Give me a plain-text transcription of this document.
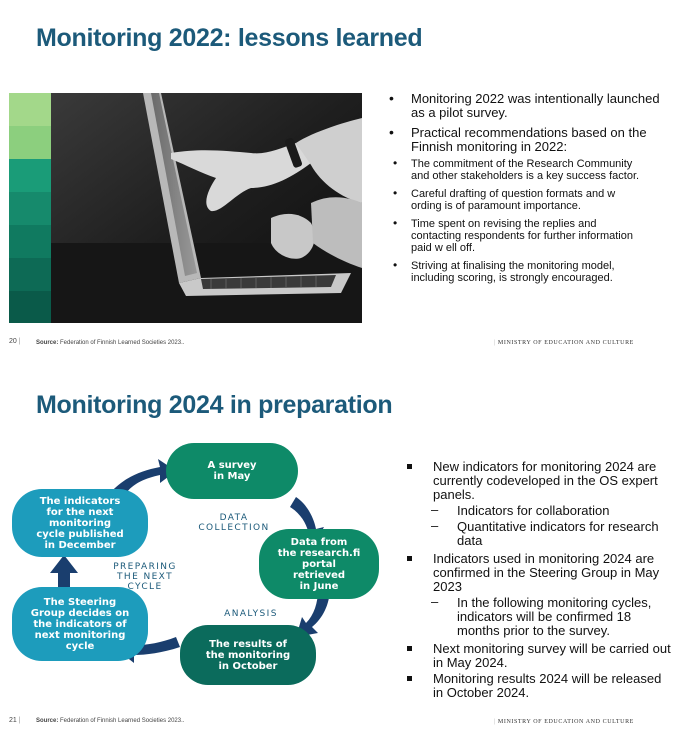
Monitoring 2022: lessons learned
• Monitoring 2022 was intentionally launched as a pilot survey.
• Practical recommendations based on the Finnish monitoring in 2022:
• The commitment of the Research Community and other stakeholders is a key success factor.
• Careful drafting of question formats and w ording is of paramount importance.
• Time spent on revising the replies and contacting respondents for further information paid w ell off.
• Striving at finalising the monitoring model, including scoring, is strongly encouraged.
20 |	Source: Federation of Finnish Learned Societies 2023..	| MINISTRY OF EDUCATION AND CULTURE
Monitoring 2024 in preparation
A survey
in May
Data from
the research.fi
portal
retrieved
in June
The results of
the monitoring
in October
The Steering
Group decides on
the indicators of
next monitoring
cycle
The indicators
for the next
monitoring
cycle published
in December
DATA
COLLECTION
ANALYSIS
PREPARING
THE NEXT
CYCLE
New indicators for monitoring 2024 are currently codeveloped in the OS expert panels.
– Indicators for collaboration
– Quantitative indicators for research data
Indicators used in monitoring 2024 are confirmed in the Steering Group in May 2023
– In the following monitoring cycles, indicators will be confirmed 18 months prior to the survey.
Next monitoring survey will be carried out in May 2024.
Monitoring results 2024 will be released in October 2024.
21 |	Source: Federation of Finnish Learned Societies 2023..	| MINISTRY OF EDUCATION AND CULTURE
